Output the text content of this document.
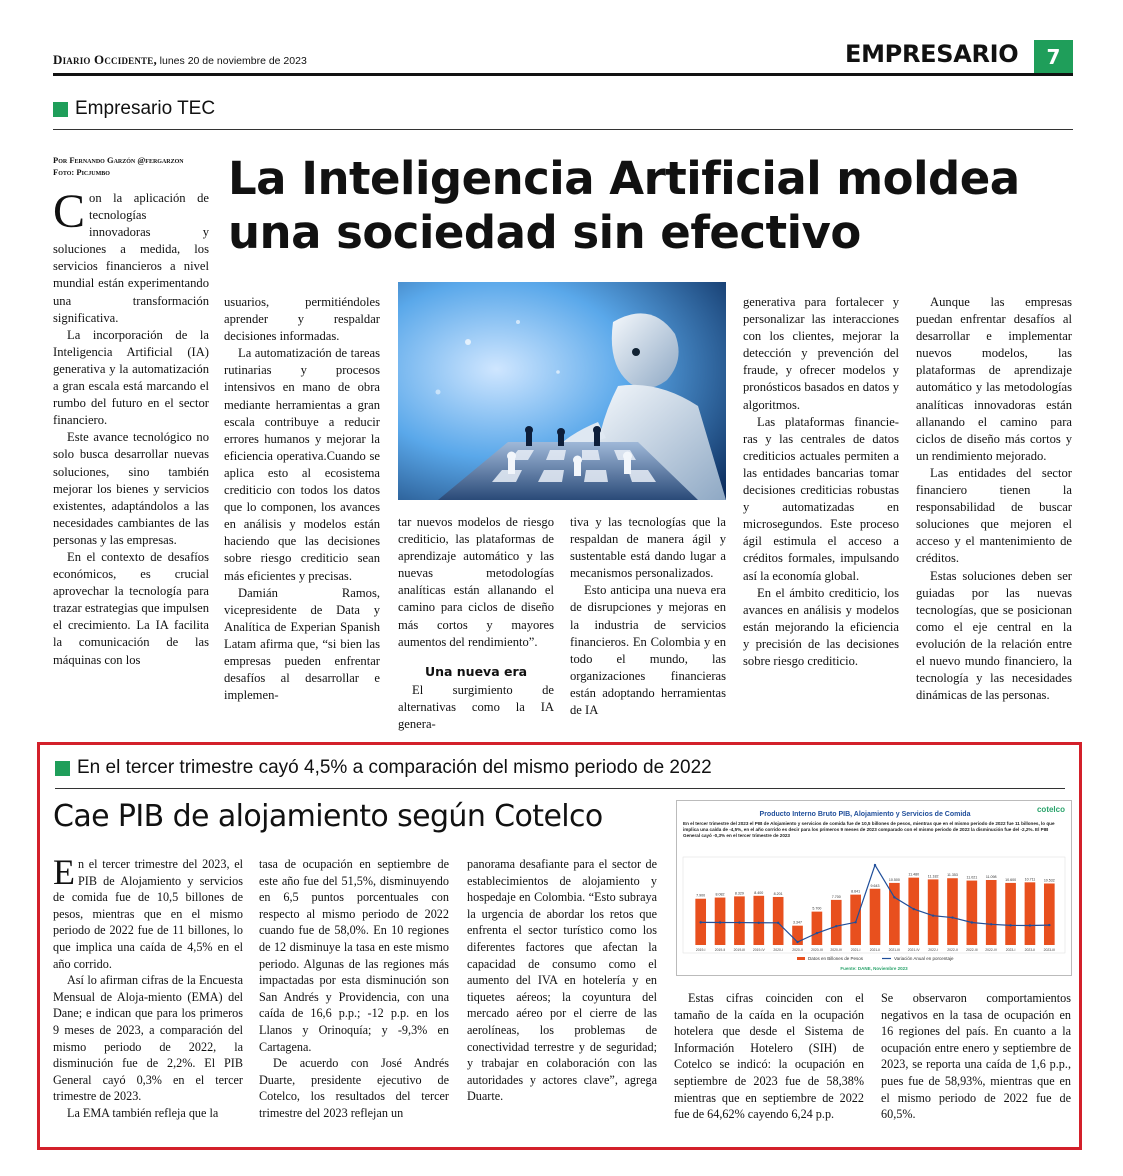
Diario Occidente, lunes 20 de noviembre de 2023	EMPRESARIO	7
Empresario TEC
Por Fernando Garzón @fergarzon
Foto: Picjumbo	La Inteligencia Artificial moldea
una sociedad sin efectivo

Con la aplicación de tecnologías innovadoras y soluciones a medida, los servicios financieros a nivel mundial están experimentando una transformación significativa.

La incorporación de la Inteligencia Artificial (IA) generativa y la automatización a gran escala está marcando el rumbo del futuro en el sector financiero.

Este avance tecnológico no solo busca desarrollar nuevas soluciones, sino también mejorar los bienes y servicios existentes, adaptándolos a las necesidades cambiantes de las personas y las empresas.

En el contexto de desafíos económicos, es crucial aprovechar la tecnología para trazar estrategias que impulsen el crecimiento. La IA facilita la comunicación de las máquinas con los

usuarios, permitiéndoles aprender y respaldar decisiones informadas.

La automatización de tareas rutinarias y procesos intensivos en mano de obra mediante herramientas a gran escala contribuye a reducir errores humanos y mejorar la eficiencia operativa.Cuando se aplica esto al ecosistema crediticio con todos los datos que lo componen, los avances en análisis y modelos están haciendo que las decisiones sobre riesgo crediticio sean más eficientes y precisas.

Damián Ramos, vicepresidente de Data y Analítica de Experian Spanish Latam afirma que, “si bien las empresas pueden enfrentar desafíos al desarrollar e implemen-

tar nuevos modelos de riesgo crediticio, las plataformas de aprendizaje automático y las nuevas metodologías analíticas están allanando el camino para ciclos de diseño más cortos y mayores aumentos del rendimiento”.

Una nueva era

El surgimiento de alternativas como la IA genera-

tiva y las tecnologías que la respaldan de manera ágil y sustentable está dando lugar a mecanismos personalizados.

Esto anticipa una nueva era de disrupciones y mejoras en la industria de servicios financieros. En Colombia y en todo el mundo, las organizaciones financieras están adoptando herramientas de IA

generativa para fortalecer y personalizar las interacciones con los clientes, mejorar la detección y prevención del fraude, y ofrecer modelos y pronósticos basados en datos y algoritmos.

Las plataformas financie-ras y las centrales de datos crediticios actuales permiten a las entidades bancarias tomar decisiones crediticias robustas y automatizadas en microsegundos. Este proceso ágil estimula el acceso a créditos formales, impulsando así la economía global.

En el ámbito crediticio, los avances en análisis y modelos están mejorando la eficiencia y precisión de las decisiones sobre riesgo crediticio.

Aunque las empresas puedan enfrentar desafíos al desarrollar e implementar nuevos modelos, las plataformas de aprendizaje automático y las metodologías analíticas innovadoras están allanando el camino para ciclos de diseño más cortos y un rendimiento mejorado.

Las entidades del sector financiero tienen la responsabilidad de buscar soluciones que mejoren el acceso y el mantenimiento de créditos.

Estas soluciones deben ser guiadas por las nuevas tecnologías, que se posicionan como el eje central en la evolución de la relación entre el nuevo mundo financiero, la tecnología y las necesidades dinámicas de las personas.

En el tercer trimestre cayó 4,5% a comparación del mismo periodo de 2022
Cae PIB de alojamiento según Cotelco

En el tercer trimestre del 2023, el PIB de Alojamiento y servicios de comida fue de 10,5 billones de pesos, mientras que en el mismo periodo de 2022 fue de 11 billones, lo que implica una caída de 4,5% en el año corrido.

Así lo afirman cifras de la Encuesta Mensual de Aloja-miento (EMA) del Dane; e indican que para los primeros 9 meses de 2023, a comparación del mismo periodo de 2022, la disminución fue de 2,2%. El PIB General cayó 0,3% en el tercer trimestre de 2023.

La EMA también refleja que la

tasa de ocupación en septiembre de este año fue del 51,5%, disminuyendo en 6,5 puntos porcentuales con respecto al mismo periodo de 2022 cuando fue de 58,0%. En 10 regiones de 12 disminuye la tasa en este mismo periodo. Algunas de las regiones más impactadas por esta disminución son San Andrés y Providencia, con una caída de 16,6 p.p.; -12 p.p. en los Llanos y Orinoquía; y -9,3% en Cartagena.

De acuerdo con José Andrés Duarte, presidente ejecutivo de Cotelco, los resultados del tercer trimestre del 2023 reflejan un

panorama desafiante para el sector de establecimientos de alojamiento y hospedaje en Colombia. “Esto subraya la urgencia de abordar los retos que enfrenta el sector turístico como los diferentes factores que afectan la capacidad de consumo como el aumento del IVA en hotelería y en tiquetes aéreos; la coyuntura del mercado aéreo por el cierre de las aerolíneas, los problemas de conectividad terrestre y de seguridad; y trabajar en colaboración con las autoridades y actores clave”, agrega Duarte.

Producto Interno Bruto PIB, Alojamiento y Servicios de Comida
cotelco
En el tercer trimestre del 2023 el PIB de Alojamiento y servicios de comida fue de 10,5 billones de pesos, mientras que en el mismo periodo de 2022 fue 11 billones, lo que implica una caída de -4,5%, en el año corrido es decir para los primeros 9 meses de 2023 comparado con el mismo periodo de 2022 la disminución fue del -2,2%. El PIB General cayó -0,3% en el tercer trimestre de 2023
7.900	8.082	8.329	8.400	8.201
3.347
5.700
7.700
8.641
9.643
10.500
11.480 11.182 11.353
11.021 11.098
10.600 10.711 10.532
2019-I	2019-II 2019-III 2019-IV	2020-I	2020-II 2020-III 2020-IV	2021-I	2021-II 2021-III 2021-IV	2022-I	2022-II 2022-III 2022-IV	2023-I	2023-II 2023-III
Datos en Billones de Pesos	Variación Anual en porcentaje
Fuente: DANE, Noviembre 2023

Estas cifras coinciden con el tamaño de la caída en la ocupación hotelera que desde el Sistema de Información Hotelero (SIH) de Cotelco se indicó: la ocupación en septiembre de 2023 fue de 58,38% mientras que en septiembre de 2022 fue de 64,62% cayendo 6,24 p.p.

Se observaron comportamientos negativos en la tasa de ocupación en 16 regiones del país. En cuanto a la ocupación entre enero y septiembre de 2023, se reporta una caída de 1,6 p.p., pues fue de 58,93%, mientras que en el mismo periodo de 2022 fue de 60,5%.
